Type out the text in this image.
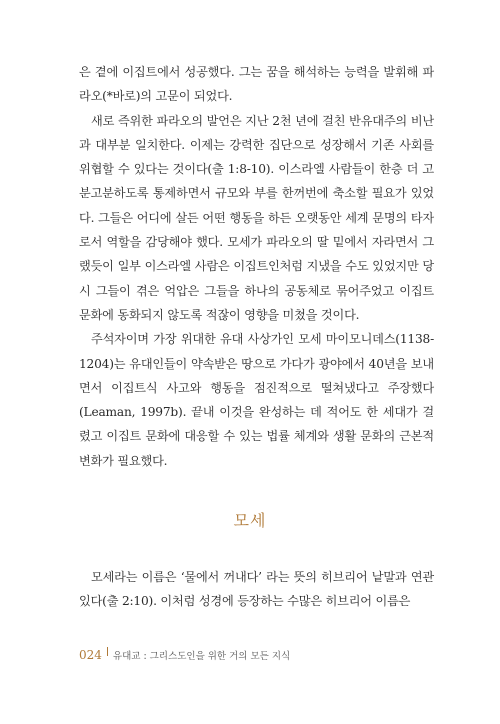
은 곁에 이집트에서 성공했다. 그는 꿈을 해석하는 능력을 발휘해 파라오(*바로)의 고문이 되었다.

새로 즉위한 파라오의 발언은 지난 2천 년에 걸친 반유대주의 비난과 대부분 일치한다. 이제는 강력한 집단으로 성장해서 기존 사회를 위협할 수 있다는 것이다(출 1:8-10). 이스라엘 사람들이 한층 더 고분고분하도록 통제하면서 규모와 부를 한꺼번에 축소할 필요가 있었다. 그들은 어디에 살든 어떤 행동을 하든 오랫동안 세계 문명의 타자로서 역할을 감당해야 했다. 모세가 파라오의 딸 밑에서 자라면서 그랬듯이 일부 이스라엘 사람은 이집트인처럼 지냈을 수도 있었지만 당시 그들이 겪은 억압은 그들을 하나의 공동체로 묶어주었고 이집트 문화에 동화되지 않도록 적잖이 영향을 미쳤을 것이다.

주석자이며 가장 위대한 유대 사상가인 모세 마이모니데스(1138-1204)는 유대인들이 약속받은 땅으로 가다가 광야에서 40년을 보내면서 이집트식 사고와 행동을 점진적으로 떨쳐냈다고 주장했다(Leaman, 1997b). 끝내 이것을 완성하는 데 적어도 한 세대가 걸렸고 이집트 문화에 대응할 수 있는 법률 체계와 생활 문화의 근본적 변화가 필요했다.

모세

모세라는 이름은 ‘물에서 꺼내다’ 라는 뜻의 히브리어 낱말과 연관 있다(출 2:10). 이처럼 성경에 등장하는 수많은 히브리어 이름은

024 유대교 : 그리스도인을 위한 거의 모든 지식
